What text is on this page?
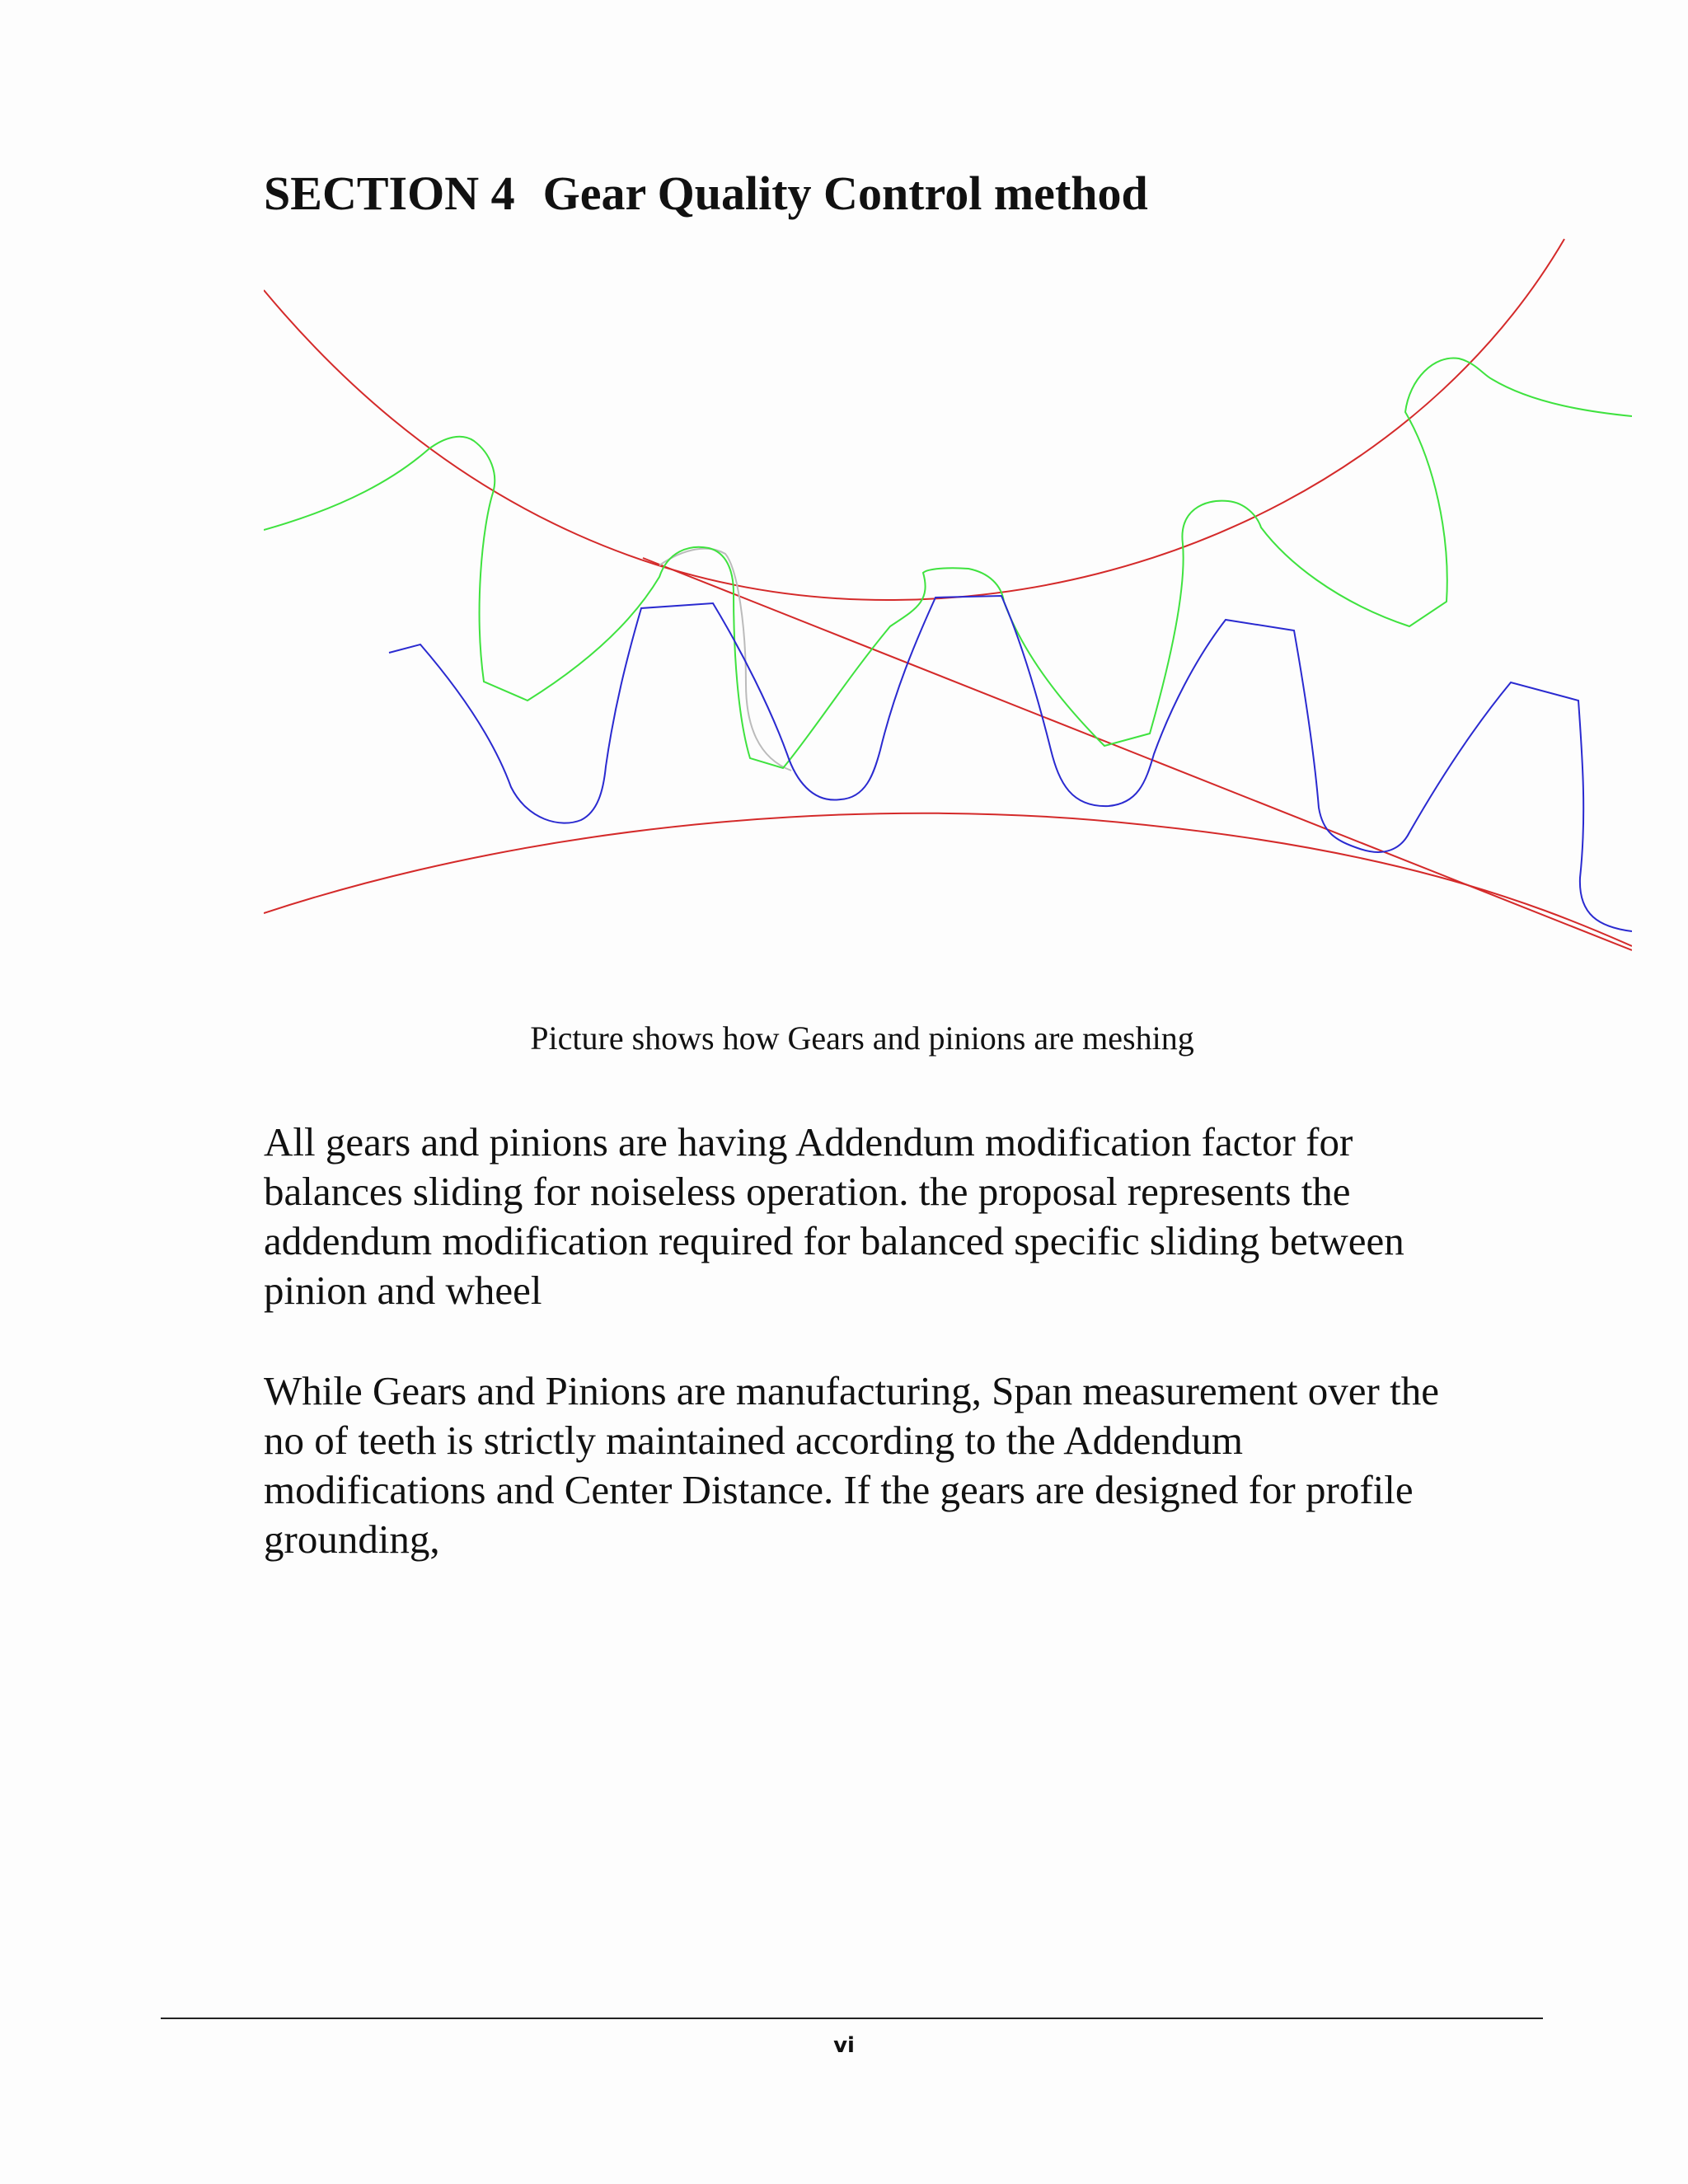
SECTION 4 Gear Quality Control method
Picture shows how Gears and pinions are meshing

All gears and pinions are having Addendum modification factor for
balances sliding for noiseless operation. the proposal represents the
addendum modification required for balanced specific sliding between
pinion and wheel

While Gears and Pinions are manufacturing, Span measurement over the
no of teeth is strictly maintained according to the Addendum
modifications and Center Distance. If the gears are designed for profile
grounding,

vi
